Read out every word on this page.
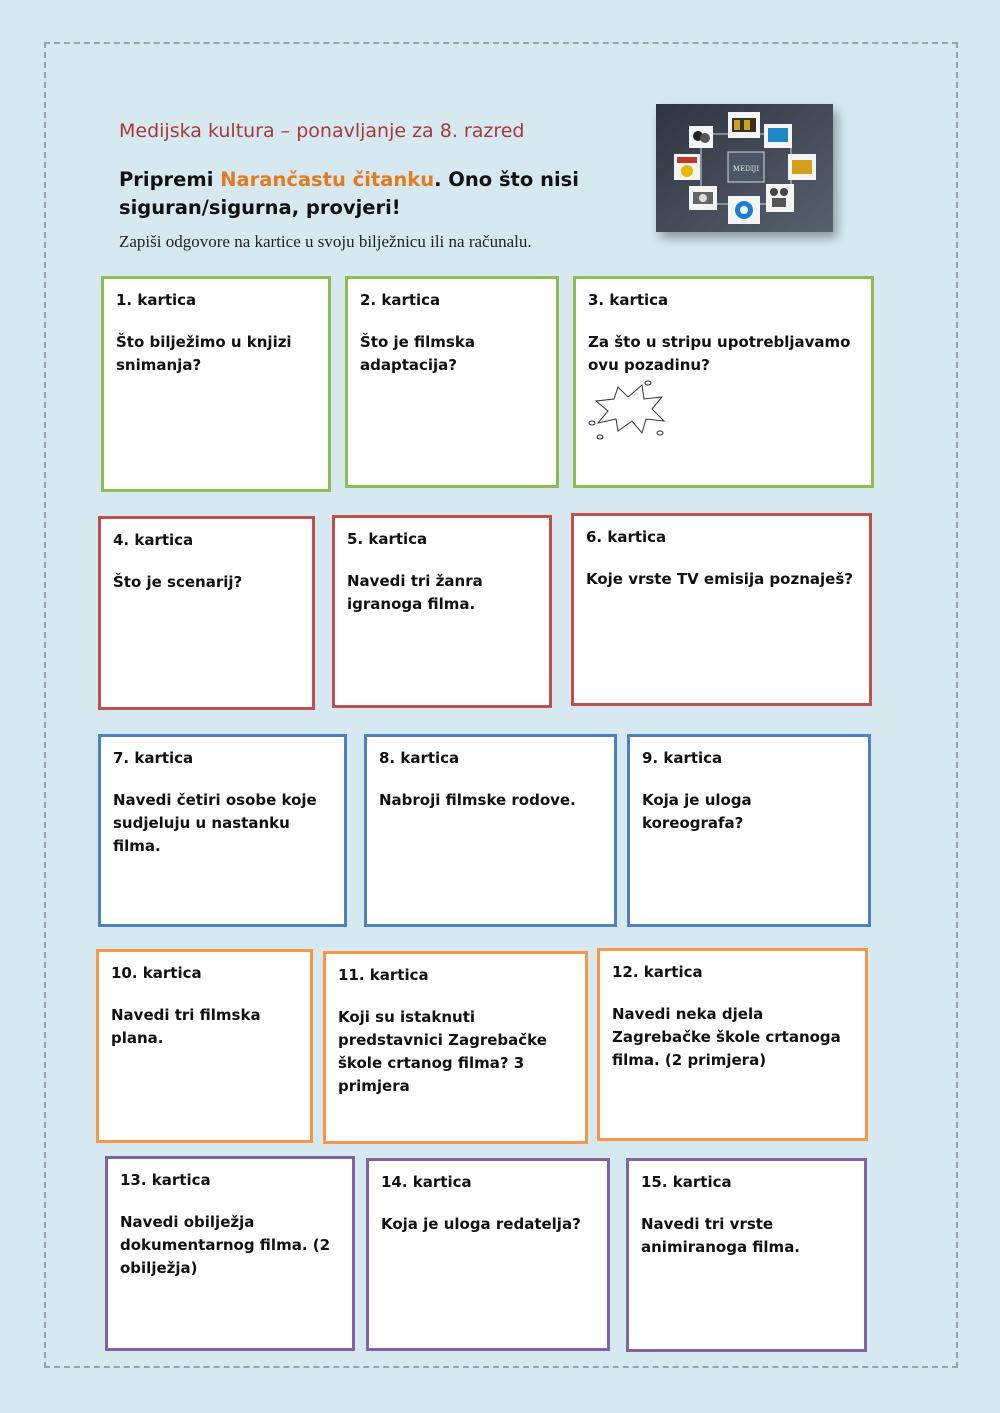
Medijska kultura – ponavljanje za 8. razred

Pripremi Narančastu čitanku. Ono što nisi siguran/sigurna, provjeri!

Zapiši odgovore na kartice u svoju bilježnicu ili na računalu.

MEDIJI
1. kartica
Što bilježimo u knjizi snimanja?
2. kartica
Što je filmska adaptacija?
3. kartica
Za što u stripu upotrebljavamo ovu pozadinu?
4. kartica
Što je scenarij?
5. kartica
Navedi tri žanra igranoga filma.
6. kartica
Koje vrste TV emisija poznaješ?
7. kartica
Navedi četiri osobe koje sudjeluju u nastanku filma.
8. kartica
Nabroji filmske rodove.
9. kartica
Koja je uloga koreografa?
10. kartica
Navedi tri filmska plana.
11. kartica
Koji su istaknuti predstavnici Zagrebačke škole crtanog filma? 3 primjera
12. kartica
Navedi neka djela Zagrebačke škole crtanoga filma. (2 primjera)
13. kartica
Navedi obilježja dokumentarnog filma. (2 obilježja)
14. kartica
Koja je uloga redatelja?
15. kartica
Navedi tri vrste animiranoga filma.
